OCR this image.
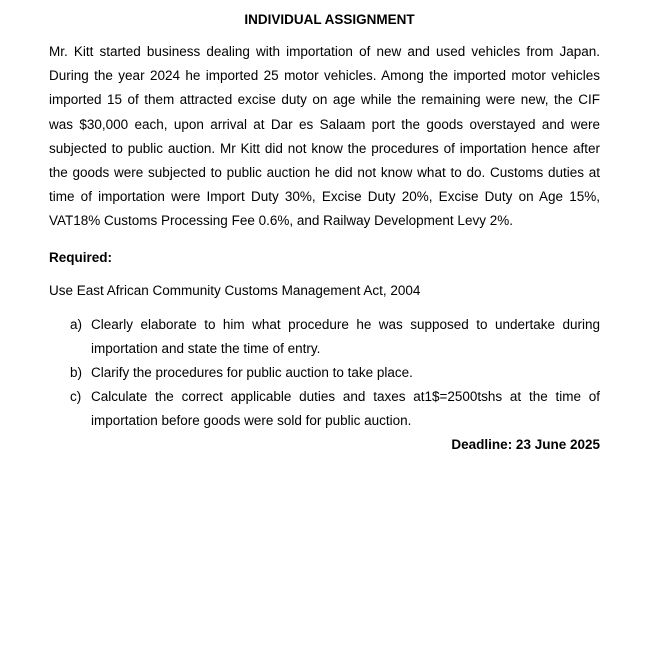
INDIVIDUAL ASSIGNMENT

Mr. Kitt started business dealing with importation of new and used vehicles from Japan. During the year 2024 he imported 25 motor vehicles. Among the imported motor vehicles imported 15 of them attracted excise duty on age while the remaining were new, the CIF was $30,000 each, upon arrival at Dar es Salaam port the goods overstayed and were subjected to public auction. Mr Kitt did not know the procedures of importation hence after the goods were subjected to public auction he did not know what to do. Customs duties at time of importation were Import Duty 30%, Excise Duty 20%, Excise Duty on Age 15%, VAT18% Customs Processing Fee 0.6%, and Railway Development Levy 2%.

Required:
Use East African Community Customs Management Act, 2004
a) Clearly elaborate to him what procedure he was supposed to undertake during importation and state the time of entry.
b) Clarify the procedures for public auction to take place.
c) Calculate the correct applicable duties and taxes at1$=2500tshs at the time of importation before goods were sold for public auction.
Deadline: 23 June 2025
